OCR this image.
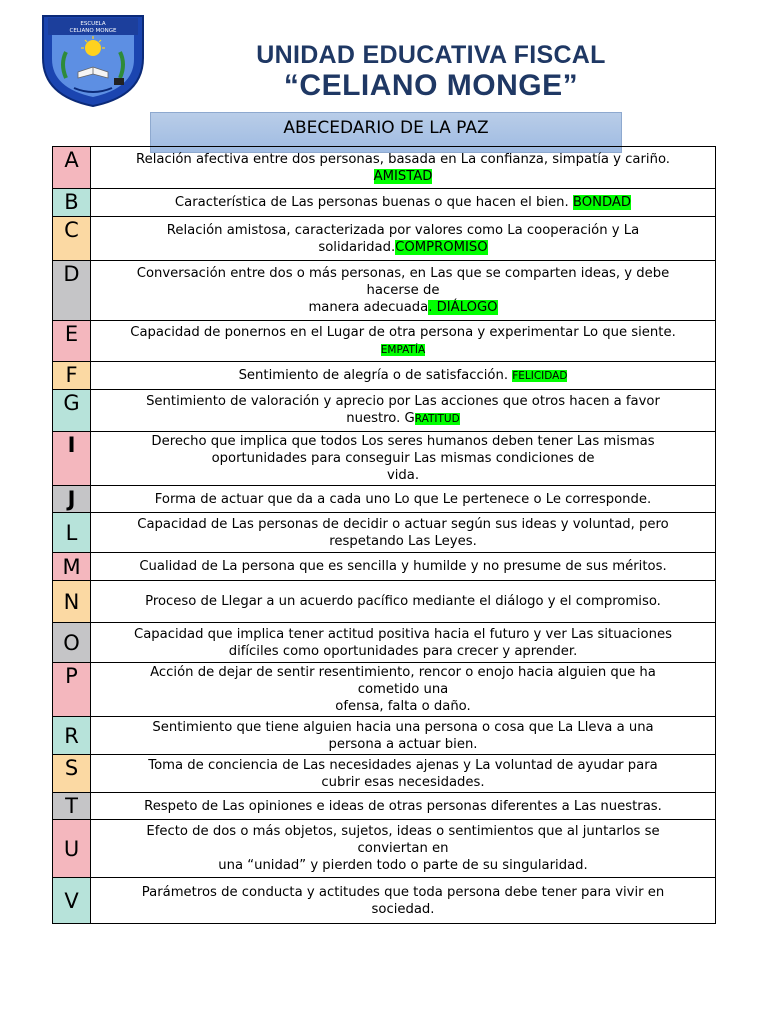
ESCUELA
CELIANO MONGE
UNIDAD EDUCATIVA FISCAL
“CELIANO MONGE”
ABECEDARIO DE LA PAZ
A	Relación afectiva entre dos personas, basada en La confianza, simpatía y cariño.
AMISTAD
B	Característica de Las personas buenas o que hacen el bien. BONDAD
C	Relación amistosa, caracterizada por valores como La cooperación y La
solidaridad.COMPROMISO
D	Conversación entre dos o más personas, en Las que se comparten ideas, y debe
hacerse de
manera adecuada. DIÁLOGO
E	Capacidad de ponernos en el Lugar de otra persona y experimentar Lo que siente.
EMPATÍA
F	Sentimiento de alegría o de satisfacción. FELICIDAD
G	Sentimiento de valoración y aprecio por Las acciones que otros hacen a favor
nuestro. GRATITUD
I	Derecho que implica que todos Los seres humanos deben tener Las mismas
oportunidades para conseguir Las mismas condiciones de
vida.
J	Forma de actuar que da a cada uno Lo que Le pertenece o Le corresponde.
L	Capacidad de Las personas de decidir o actuar según sus ideas y voluntad, pero
respetando Las Leyes.
M	Cualidad de La persona que es sencilla y humilde y no presume de sus méritos.
N	Proceso de Llegar a un acuerdo pacífico mediante el diálogo y el compromiso.
O	Capacidad que implica tener actitud positiva hacia el futuro y ver Las situaciones
difíciles como oportunidades para crecer y aprender.
P	Acción de dejar de sentir resentimiento, rencor o enojo hacia alguien que ha
cometido una
ofensa, falta o daño.
R	Sentimiento que tiene alguien hacia una persona o cosa que La Lleva a una
persona a actuar bien.
S	Toma de conciencia de Las necesidades ajenas y La voluntad de ayudar para
cubrir esas necesidades.
T	Respeto de Las opiniones e ideas de otras personas diferentes a Las nuestras.
U	Efecto de dos o más objetos, sujetos, ideas o sentimientos que al juntarlos se
conviertan en
una “unidad” y pierden todo o parte de su singularidad.
V	Parámetros de conducta y actitudes que toda persona debe tener para vivir en
sociedad.
